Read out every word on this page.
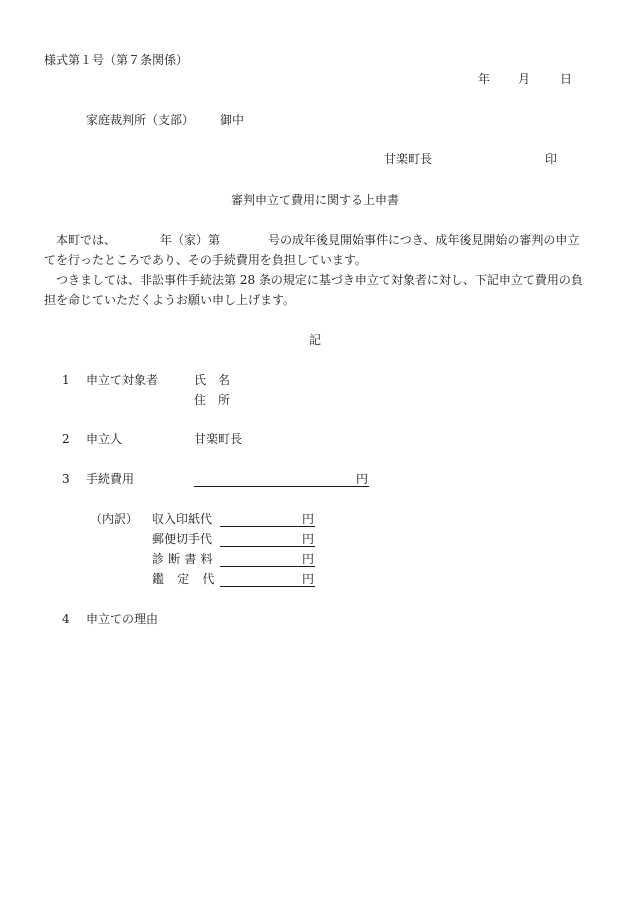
様式第１号（第７条関係）
年 月 日
家庭裁判所（支部） 御中
甘楽町長	印
審判申立て費用に関する上申書
本町では、	年（家）第	号の成年後見開始事件につき、成年後見開始の審判の申立てを行ったところであり、その手続費用を負担しています。
つきましては、非訟事件手続法第 28 条の規定に基づき申立て対象者に対し、下記申立て費用の負担を命じていただくようお願い申し上げます。
記
1 申立て対象者	氏　名
住　所
2 申立人	甘楽町長
3 手続費用	円
（内訳） 収入印紙代	円
郵便切手代	円
診断書料	円
鑑定代	円
4 申立ての理由
